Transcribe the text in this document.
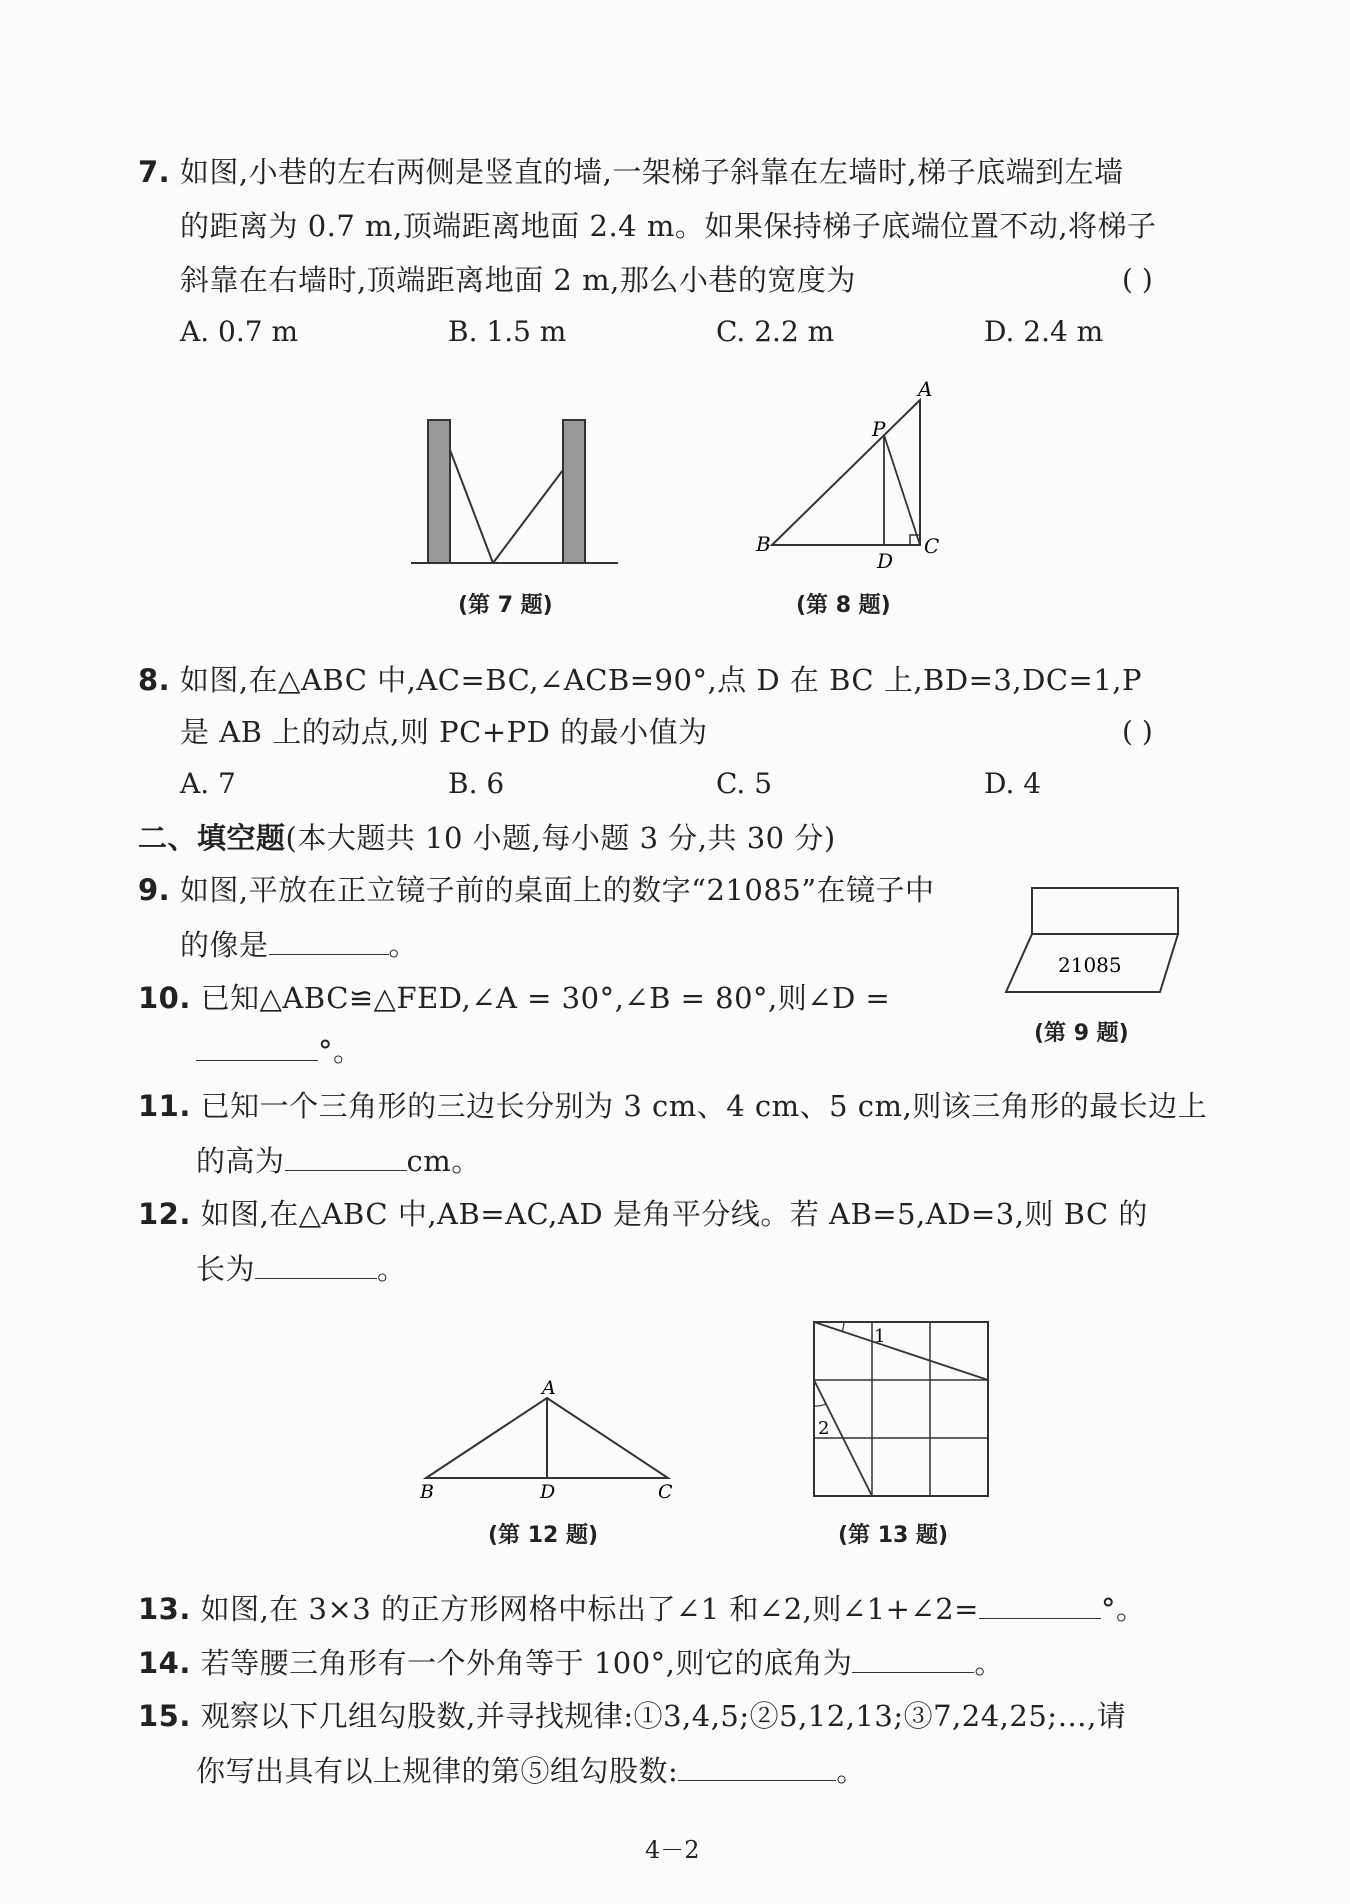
7. 如图,小巷的左右两侧是竖直的墙,一架梯子斜靠在左墙时,梯子底端到左墙
的距离为 0.7 m,顶端距离地面 2.4 m。如果保持梯子底端位置不动,将梯子
斜靠在右墙时,顶端距离地面 2 m,那么小巷的宽度为	( )
A. 0.7 m	B. 1.5 m	C. 2.2 m	D. 2.4 m
(第 7 题)
A
P
B
D
C
(第 8 题)
8. 如图,在△ABC 中,AC=BC,∠ACB=90°,点 D 在 BC 上,BD=3,DC=1,P
是 AB 上的动点,则 PC+PD 的最小值为	( )
A. 7	B. 6	C. 5	D. 4
二、填空题(本大题共 10 小题,每小题 3 分,共 30 分)
9. 如图,平放在正立镜子前的桌面上的数字“21085”在镜子中
的像是	。
21085
(第 9 题)
10. 已知△ABC≌△FED,∠A = 30°,∠B = 80°,则∠D =
°。
11. 已知一个三角形的三边长分别为 3 cm、4 cm、5 cm,则该三角形的最长边上
的高为	cm。
12. 如图,在△ABC 中,AB=AC,AD 是角平分线。若 AB=5,AD=3,则 BC 的
长为	。
A
B	D	C
(第 12 题)
1
2
(第 13 题)
13. 如图,在 3×3 的正方形网格中标出了∠1 和∠2,则∠1+∠2=	°。
14. 若等腰三角形有一个外角等于 100°,则它的底角为	。
15. 观察以下几组勾股数,并寻找规律:①3,4,5;②5,12,13;③7,24,25;…,请
你写出具有以上规律的第⑤组勾股数:	。
4－2
